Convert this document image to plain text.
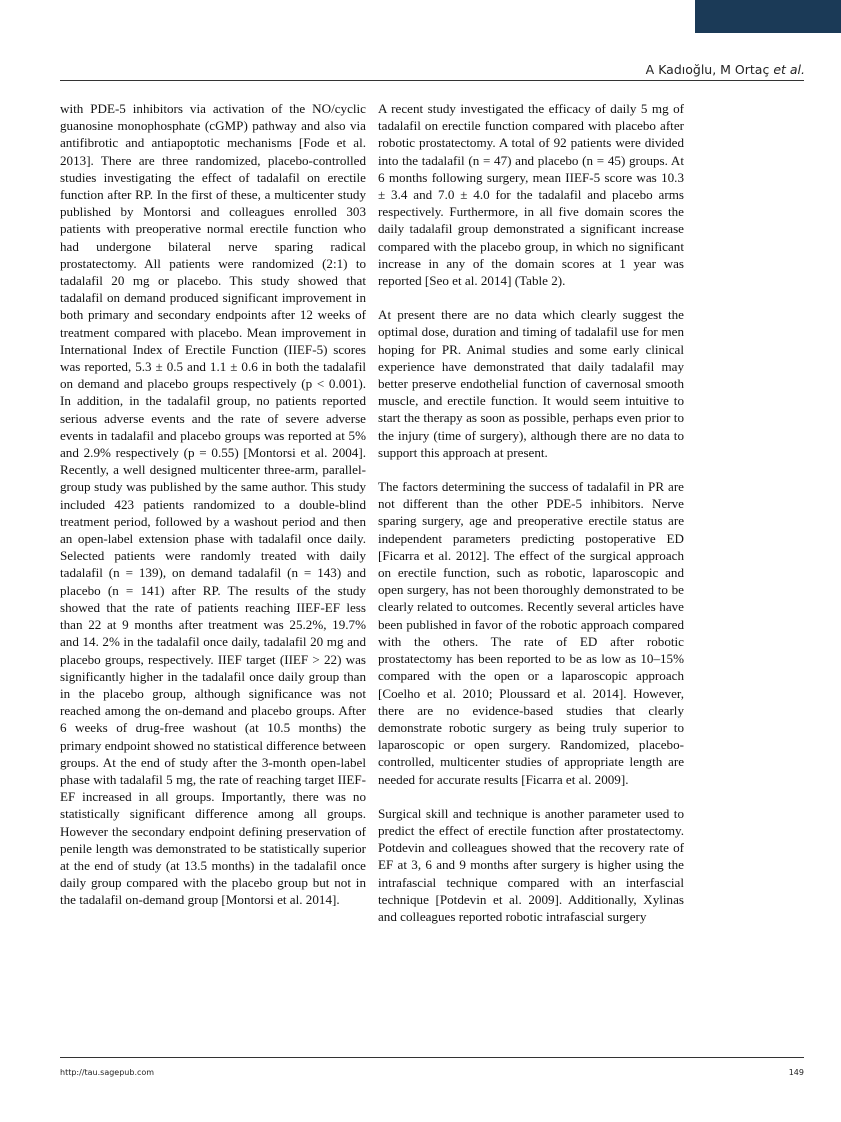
A Kadıoğlu, M Ortaç et al.

with PDE-5 inhibitors via activation of the NO/cyclic guanosine monophosphate (cGMP) pathway and also via antifibrotic and antiapoptotic mechanisms [Fode et al. 2013]. There are three randomized, placebo-controlled studies investigating the effect of tadalafil on erectile function after RP. In the first of these, a multicenter study published by Montorsi and colleagues enrolled 303 patients with preoperative normal erectile function who had undergone bilateral nerve sparing radical prostatectomy. All patients were randomized (2:1) to tadalafil 20 mg or placebo. This study showed that tadalafil on demand produced significant improvement in both primary and secondary endpoints after 12 weeks of treatment compared with placebo. Mean improvement in International Index of Erectile Function (IIEF-5) scores was reported, 5.3 ± 0.5 and 1.1 ± 0.6 in both the tadalafil on demand and placebo groups respectively (p < 0.001). In addition, in the tadalafil group, no patients reported serious adverse events and the rate of severe adverse events in tadalafil and placebo groups was reported at 5% and 2.9% respectively (p = 0.55) [Montorsi et al. 2004]. Recently, a well designed multicenter three-arm, parallel-group study was published by the same author. This study included 423 patients randomized to a double-blind treatment period, followed by a washout period and then an open-label extension phase with tadalafil once daily. Selected patients were randomly treated with daily tadalafil (n = 139), on demand tadalafil (n = 143) and placebo (n = 141) after RP. The results of the study showed that the rate of patients reaching IIEF-EF less than 22 at 9 months after treatment was 25.2%, 19.7% and 14. 2% in the tadalafil once daily, tadalafil 20 mg and placebo groups, respectively. IIEF target (IIEF > 22) was significantly higher in the tadalafil once daily group than in the placebo group, although significance was not reached among the on-demand and placebo groups. After 6 weeks of drug-free washout (at 10.5 months) the primary endpoint showed no statistical difference between groups. At the end of study after the 3-month open-label phase with tadalafil 5 mg, the rate of reaching target IIEF-EF increased in all groups. Importantly, there was no statistically significant difference among all groups. However the secondary endpoint defining preservation of penile length was demonstrated to be statistically superior at the end of study (at 13.5 months) in the tadalafil once daily group compared with the placebo group but not in the tadalafil on-demand group [Montorsi et al. 2014].

A recent study investigated the efficacy of daily 5 mg of tadalafil on erectile function compared with placebo after robotic prostatectomy. A total of 92 patients were divided into the tadalafil (n = 47) and placebo (n = 45) groups. At 6 months following surgery, mean IIEF-5 score was 10.3 ± 3.4 and 7.0 ± 4.0 for the tadalafil and placebo arms respectively. Furthermore, in all five domain scores the daily tadalafil group demonstrated a significant increase compared with the placebo group, in which no significant increase in any of the domain scores at 1 year was reported [Seo et al. 2014] (Table 2).

At present there are no data which clearly suggest the optimal dose, duration and timing of tadalafil use for men hoping for PR. Animal studies and some early clinical experience have demonstrated that daily tadalafil may better preserve endothelial function of cavernosal smooth muscle, and erectile function. It would seem intuitive to start the therapy as soon as possible, perhaps even prior to the injury (time of surgery), although there are no data to support this approach at present.

The factors determining the success of tadalafil in PR are not different than the other PDE-5 inhibitors. Nerve sparing surgery, age and preoperative erectile status are independent parameters predicting postoperative ED [Ficarra et al. 2012]. The effect of the surgical approach on erectile function, such as robotic, laparoscopic and open surgery, has not been thoroughly demonstrated to be clearly related to outcomes. Recently several articles have been published in favor of the robotic approach compared with the others. The rate of ED after robotic prostatectomy has been reported to be as low as 10–15% compared with the open or a laparoscopic approach [Coelho et al. 2010; Ploussard et al. 2014]. However, there are no evidence-based studies that clearly demonstrate robotic surgery as being truly superior to laparoscopic or open surgery. Randomized, placebo-controlled, multicenter studies of appropriate length are needed for accurate results [Ficarra et al. 2009].

Surgical skill and technique is another parameter used to predict the effect of erectile function after prostatectomy. Potdevin and colleagues showed that the recovery rate of EF at 3, 6 and 9 months after surgery is higher using the intrafascial technique compared with an interfascial technique [Potdevin et al. 2009]. Additionally, Xylinas and colleagues reported robotic intrafascial surgery

http://tau.sagepub.com	149
